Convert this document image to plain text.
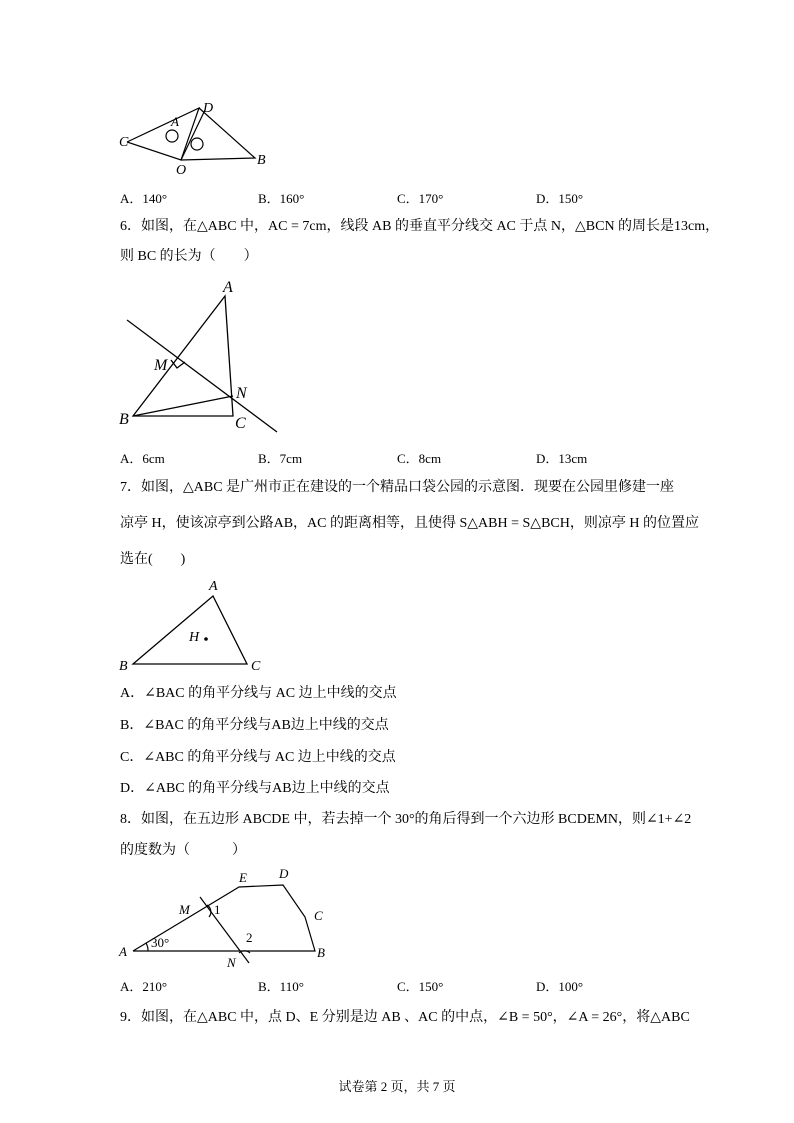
C
A
D
O
B
A．140°	B．160°	C．170°	D．150°
6．如图，在△ABC 中，AC = 7cm，线段 AB 的垂直平分线交 AC 于点 N，△BCN 的周长是13cm，
则 BC 的长为（　　）
A
M
N
B	C
A．6cm	B．7cm	C．8cm	D．13cm
7．如图，△ABC 是广州市正在建设的一个精品口袋公园的示意图．现要在公园里修建一座
凉亭 H，使该凉亭到公路AB，AC 的距离相等，且使得 S△ABH = S△BCH，则凉亭 H 的位置应
选在(　　)
A
H
B	C
A．∠BAC 的角平分线与 AC 边上中线的交点
B．∠BAC 的角平分线与AB边上中线的交点
C．∠ABC 的角平分线与 AC 边上中线的交点
D．∠ABC 的角平分线与AB边上中线的交点
8．如图，在五边形 ABCDE 中，若去掉一个 30°的角后得到一个六边形 BCDEMN，则∠1+∠2
的度数为（　　　）
E D
M 1	C
2
A
30°
N
B
A．210°	B．110°	C．150°	D．100°
9．如图，在△ABC 中，点 D、E 分别是边 AB 、AC 的中点，∠B = 50°，∠A = 26°，将△ABC
试卷第 2 页，共 7 页
